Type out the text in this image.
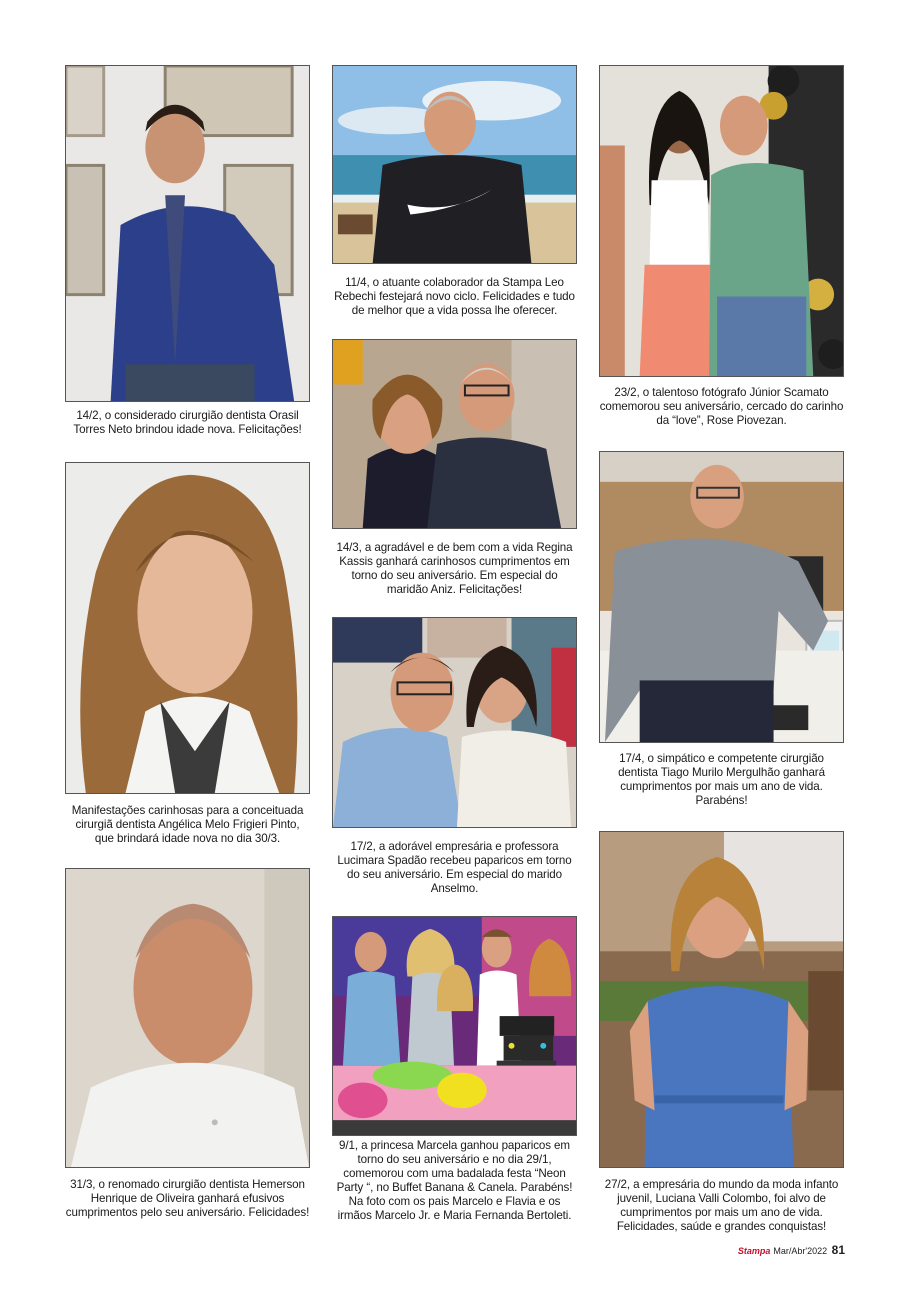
14/2, o considerado cirurgião dentista Orasil Torres Neto brindou idade nova. Felicitações!
Manifestações carinhosas para a conceituada cirurgiã dentista Angélica Melo Frigieri Pinto, que brindará idade nova no dia 30/3.
31/3, o renomado cirurgião dentista Hemerson Henrique de Oliveira ganhará efusivos cumprimentos pelo seu aniversário. Felicidades!
11/4, o atuante colaborador da Stampa Leo Rebechi festejará novo ciclo. Felicidades e tudo de melhor que a vida possa lhe oferecer.
14/3, a agradável e de bem com a vida Regina Kassis ganhará carinhosos cumprimentos em torno do seu aniversário. Em especial do maridão Aniz. Felicitações!
17/2, a adorável empresária e professora Lucimara Spadão recebeu paparicos em torno do seu aniversário. Em especial do marido Anselmo.
9/1, a princesa Marcela ganhou paparicos em torno do seu aniversário e no dia 29/1, comemorou com uma badalada festa “Neon Party “, no Buffet Banana & Canela. Parabéns! Na foto com os pais Marcelo e Flavia e os irmãos Marcelo Jr. e Maria Fernanda Bertoleti.
23/2, o talentoso fotógrafo Júnior Scamato comemorou seu aniversário, cercado do carinho da “love”, Rose Piovezan.
17/4, o simpático e competente cirurgião dentista Tiago Murilo Mergulhão ganhará cumprimentos por mais um ano de vida. Parabéns!
27/2, a empresária do mundo da moda infanto juvenil, Luciana Valli Colombo, foi alvo de cumprimentos por mais um ano de vida. Felicidades, saúde e grandes conquistas!
Stampa Mar/Abr'2022 81
